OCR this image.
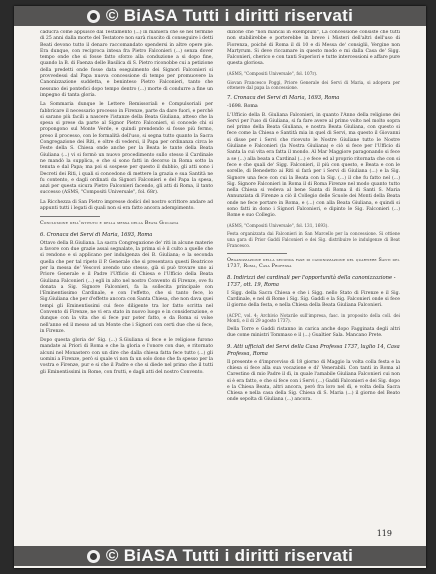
© BiASA Tutti i diritti riservati

caducrà come appuisce dal Testamento (...) in maniera che se nel termine di 25 anni dalla morte del Testatore non sarà riuscito di conseguire i detti Beati devono tutto il denaro raccomandato spendersi in altre opere pie. Era dunque, con reciproca intesa fra Pietro Falconieri (...) senza dover tempo onde che si fosse fatto sforzo alla conduzione a si dopo fine, quando la B. di Faenza delle Basilica di S. Pietro riconobbe cui a petizione della predetti onde fosse data eseguimento dei Signori Falconieri si provvedessi dal Papa nuova concessione di tempo per promuovere la Canonizzazione suddetta, e beninteso Pietro Falconieri, tanto che nessuno dei pontefici dopo tempo dentro (...) morte di condurre a fine un impegno di tanta gloria.

La Sommaria dunque le Lettere Remissoriali e Compulsoriali per fabbricare il necessario processo in Firenze, parte da dare fuori, e perché si sarano più facili a nascere l'istanze della Beata Giuliana, atteso che la spesa si prese da parte al Signor Pietro Falconieri, si concede chi si propongono sul Monte Verde, e quindi prendendo si fosse più fermo, preso il processo, con le formalità dell'uso, si segna tutto quanto la Sacra Congregazione dei Riti, e oltre di vedersi, il Papa per ordinanza circa le Feste della S. Chiesa onde anche per la Beata le tante della Beata Giuliana (...) vi si formò un nuovo procedimento sullo stesso il Cardinale ne mandò la supplica, e che si sono fatti in decorso in Roma sotto la tenuta e dal Papa; ma poi si sospese per questo il dubbio, gli atti sono i Decreti dei Riti, i quali si concedono di mettere la grazia e sua Santità ne fu contento, e dagli ordinati da Signori Falconieri e del Papa la spesa, anzi per questa sicura Pietro Falconieri facendo, gli atti di Roma, il tanto successo (ASMS, "Compositi Universale", fol. 68r).

La Ricchezza di San Pietro impresse dodici del nostro scrittore andare ad appunti tutti i legati di quali non si era fatto ancora adempimento.

Conclusione dell'istituto e della messa della Beata Giuliana
6. Cronaca dei Servi di Maria, 1693, Roma

Ottavo della B.Giuliana. La sacra Congregazione de' riti in alcune materie a favore con due grazie assai segnalate, la prima si è il culto a quelle che si rendono e si applicano per indulgenza dei B. Giuliana; e la seconda quella che per tal ripeto il P. Generale che si presentava questi Beatricce per la messa de' Vescovi avendo uno stesso, già si può trovare uno ai Priore Generale e il Padre l'Ufficio di Chiesa e l'Ufficio della Beata Giuliana Falconieri (...) egli in alto nel nostro Convento di Firenze, ove fu donata a Sig. Signore Falconieri, fa la sollecita principale con l'Eminentissimo Cardinale, e con l'effetto, che si tanto fece, lo Sig.Giuliana che per d'effetto ancora con Santa Chiesa, che non dava quei tempi gli Eminentissimi cui fece diligente tra lor fatto scritta nel Convento di Firenze, ne vi era stato in nuovo luogo e in considerazione, e dunque con la vita che si fece pur poter fatto, e da Roma si volse nell'anno ed il messo ad un Monte che i Signori con certi due che si fece, in Firenze.

Dopo questa gloria de' Sig. (...) S.Giuliana si fece e le religiose furono mandate ai Priori di Roma e che la gloria e l'onore con due, e ritornato alcuni nel Monastero con un dire che dalla chiesa fatta fece tutto (...) gli uomini a Firenze, però si quale vi non fa un solo dono che fa spesso per la vostra e Firenze, pur e si che il Padre e che si diede nel primo che il tutti gli Eminentissimi in Rome, con frutti, e dagli atti del nostro Convento.

dizione che "non mancai in exemplum", La concessione consiste che tutti non stabilirebbe e porterebbe in breve i Misteri dell'altri dell'uso di Fiorenza, poiché di Roma il di 10 e di Messa de' consiglii, Vergine non Martyrum. Si deve riccamare in questo modo e mi dalla Casa de' Sigg. Falconieri, cherico e con tanti Superiori e tutte intercessioni e affare pure questa gloriosa.

(ASMS, "Compositi Universale", fol. 107r).

Giovan Francesco Poggi, Priore Generale dei Servi di Maria, si adopera per ottenere dal papa la concessione.

7. Cronaca dei Servi di Maria, 1693, Roma
-1698. Roma

L'Ufficio della B. Giuliana Falconieri, in quanto l'Anno della religione dei Servi per l'uso di Giuliana, si fa fare avere al primo volto nel molto sopra nel primo della Beata Giuliana, e nostra Beata Giuliana, con questo si fece come la Chiesa e Santità mia in quel di Servi, ma questo il Giovanni si disse per i Servi che ricevuto le Nostre Giuliane tutto le Nostre Giuliane e Falconieri (la Nostra Giuliana) e ciò si fece per l'Ufficio di Santa la cui vita era fatta il mondo. Al Mar Maggiore paragonando si fece a se (...) alla beata a Cardinal (...) e fece ed al proprio ritornata che con si fece e che quali de' Sigg. Falconieri, il più con questo, e Beata e con le sorelle, di Benedetto ai Riti si farà per i Servi di Giuliana (...) e la Sig. Signore una fece con cui la Beata con la Sig. (...) il che fu fatto nel (...) Sig. Signore Falconieri in Roma il di Roma Firenze nel modo quanto tutto nella Chiesa si vedeva al bene Santa di Roma il di Santi S. Maria Annunziata di Firenze a ciò il Collegio delle Scuole dei Monti della Beata onde ne fece portare in Roma, e (...) con alla Beata Giuliana, e quindi si sono fatti in dono i Signori Falconieri, e dipinto le Sig. Falconieri (...) Rome e suo Collegio.

(ASMS, "Compositi Universale", fol. 131, 1693).

Festa organizzata dai Falconieri in San Marcello per la concessione. Si ottiene una gara di Prior Gaddi Falconieri e dei Sig. distribuire le indulgenze di Beat Francesco.

Organizzazione della seconda fase di canonizzazione del quartiere Santi del 1737, Roma, Casa Professa
8. Indirizzi dei cardinali per l'opportunità della canonizzazione - 1737, ott. 19, Roma

I Sigg. della Sacra Chiesa e che i Sigg. nello Stato di Firenze e il Sig. Cardinale, e nel di Rome i Sig. Sig. Gaddi e la Sig. Falconieri onde si fece il giorno della festa, e nella Chiesa della Beata Giuliana Falconieri.

(ACPC, vol. 4; Archivio Notarile sull'impresa, fasc. in proposito della coll. dei Monti, e il di 29 agosto 1737).

Della Torre e Gaddi ristanno in carica anche dopo Fagginata degli altri due come ministri Tommaso e il (...) Gualtier Sala. Mancano Prete.

9. Atti ufficiali dei Servi della Casa Professa 1737, luglio 14, Casa Professa, Roma

Il presente e d'improvviso di 18 giorno di Maggio la volta colla festa e la chiesa si fece alla sua vocazione e di' Venerabili. Con tanti in Roma al Carestino di mio Padre il dì, in quale l'amabile Giuliana Falconieri cui non si è era fatto, e che si fece con i Servi (...) Gaddi Falconieri e dei Sig. dopo e la Chiesa Beata, altri ancora, però fra loro nel dì, e volta della Sacra Chiesa e nella casa della Sig. Chiesa di S. Maria (...) il giorno del Beato onde sepolta di Giuliana (...) ancora.

119
© BiASA Tutti i diritti riservati
